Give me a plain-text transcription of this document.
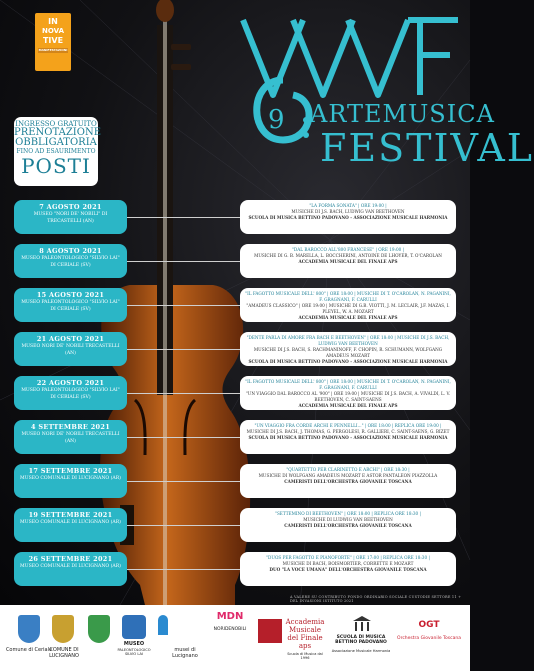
IN
NOVA
TIVE
MANIFESTAZIONI
INGRESSO GRATUITO
PRENOTAZIONE
OBBLIGATORIA
FINO AD ESAURIMENTO
POSTI
9 ARTEMUSICA
FESTIVAL
7 AGOSTO 2021
MUSEO "NORI DE' NOBILI" DI TRECASTELLI (AN)
"LA FORMA SONATA" | ORE 19:00 |
MUSICHE DI J.S. BACH, LUDWIG VAN BEETHOVEN
SCUOLA DI MUSICA BETTINO PADOVANO - ASSOCIAZIONE MUSICALE HARMONIA
8 AGOSTO 2021
MUSEO PALEONTOLOGICO "SILVIO LAI" DI CERIALE (SV)
"DAL BAROCCO ALL'800 FRANCESE" | ORE 19:00 |
MUSICHE DI G. B. MARELLA, L. BOCCHERINI, ANTOINE DE LHOYER, T. O'CAROLAN
ACCADEMIA MUSICALE DEL FINALE APS
15 AGOSTO 2021
MUSEO PALEONTOLOGICO "SILVIO LAI" DI CERIALE (SV)
"IL FAGOTTO MUSICALE DELL' 800" | ORE 18:00 | MUSICHE DI T. O'CAROLAN, N. PAGANINI, F. GRAGNANI, F. CARULLI
"AMADEUS CLASSICO" | ORE 19:00 | MUSICHE DI G.B. VIOTTI, J. M. LECLAIR, J.F. MAZAS, I. PLEYEL, W. A. MOZART
ACCADEMIA MUSICALE DEL FINALE APS
21 AGOSTO 2021
MUSEO NORI DE' NOBILI TRECASTELLI (AN)
"DENTE PARLA DI AMORE FRA BACH E BEETHOVEN" | ORE 18:00 | MUSICHE DI J.S. BACH, LUDWIG VAN BEETHOVEN
MUSICHE DI J.S. BACH, S. RACHMANINOFF, F. CHOPIN, R. SCHUMANN, WOLFGANG AMADEUS MOZART
SCUOLA DI MUSICA BETTINO PADOVANO - ASSOCIAZIONE MUSICALE HARMONIA
22 AGOSTO 2021
MUSEO PALEONTOLOGICO "SILVIO LAI" DI CERIALE (SV)
"IL FAGOTTO MUSICALE DELL' 800" | ORE 18:00 | MUSICHE DI T. O'CAROLAN, N. PAGANINI, F. GRAGNANI, F. CARULLI
"UN VIAGGIO DAL BAROCCO AL '900" | ORE 19:00 | MUSICHE DI J.S. BACH, A. VIVALDI, L. V. BEETHOVEN, C. SAINT-SAENS
ACCADEMIA MUSICALE DEL FINALE APS
4 SETTEMBRE 2021
MUSEO NORI DE' NOBILI TRECASTELLI (AN)
"UN VIAGGIO FRA CORDE ARCHI E PENNELLI..." | ORE 18:00 | REPLICA ORE 19:00 |
MUSICHE DI J.S. BACH, J. THOMAS, G. PERGOLESI, R. GALLIERI, C. SAINT-SAENS, G. BIZET
SCUOLA DI MUSICA BETTINO PADOVANO - ASSOCIAZIONE MUSICALE HARMONIA
17 SETTEMBRE 2021
MUSEO COMUNALE DI LUCIGNANO (AR)
"QUARTETTO PER CLARINETTO E ARCHI" | ORE 18:30 |
MUSICHE DI WOLFGANG AMADEUS MOZART E ASTOR PANTALEON PIAZZOLLA
CAMERISTI DELL'ORCHESTRA GIOVANILE TOSCANA
19 SETTEMBRE 2021
MUSEO COMUNALE DI LUCIGNANO (AR)
"SETTEMINO DI BEETHOVEN" | ORE 18:00 | REPLICA ORE 18:30 |
MUSICHE DI LUDWIG VAN BEETHOVEN
CAMERISTI DELL'ORCHESTRA GIOVANILE TOSCANA
26 SETTEMBRE 2021
MUSEO COMUNALE DI LUCIGNANO (AR)
"DUOS PER FAGOTTO E PIANOFORTE" | ORE 17:00 | REPLICA ORE 18:30 |
MUSICHE DI BACH, BOISMORTIER, CORRETTE E MOZART
DUO "LA VOCE UMANA" DELL'ORCHESTRA GIOVANILE TOSCANA
A VALERE SU CONTRIBUTO FONDO ORDINARIO SOCIALE CUSTODIE SETTORE 11 + DEL INVASIONI ISTITUTO 2021
Comune di Ceriale
COMUNE DI LUCIGNANO
MUSEO
PALEONTOLOGICO SILVIO LAI
musei di Lucignano
MDN
NORIDENOBILI
Accademia Musicale del Finale aps
Scuola di Musica dal 1996
SCUOLA DI MUSICA BETTINO PADOVANO
Associazione Musicale Harmonia
OGT
Orchestra Giovanile Toscana
